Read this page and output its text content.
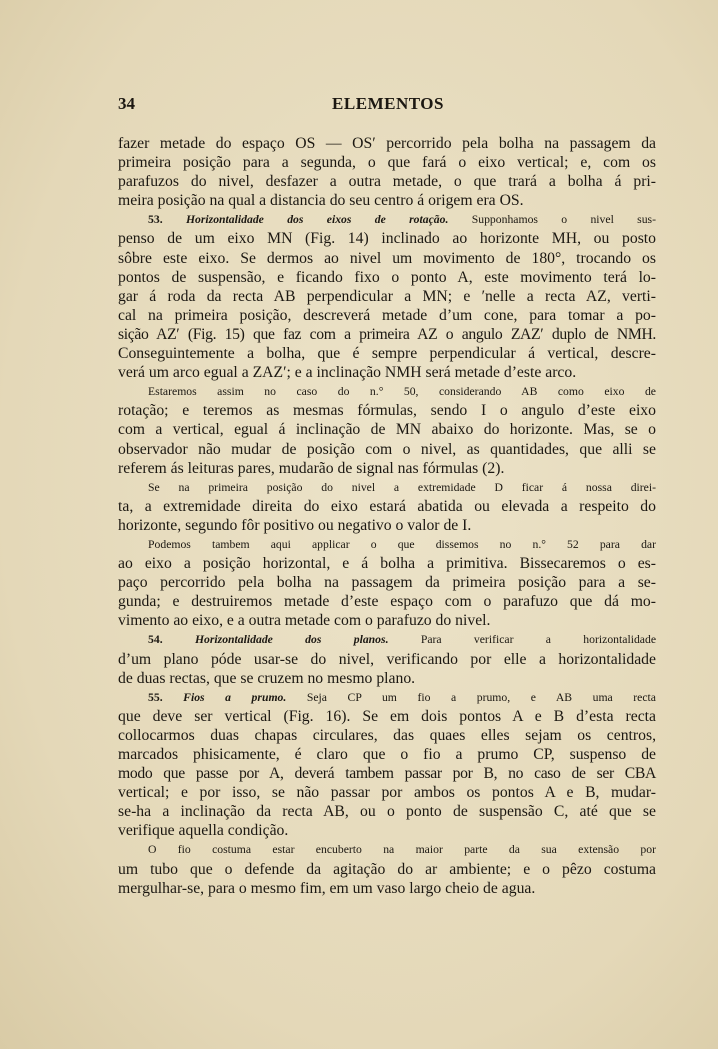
34	ELEMENTOS
fazer metade do espaço OS — OS′ percorrido pela bolha na passagem da
primeira posição para a segunda, o que fará o eixo vertical; e, com os
parafuzos do nivel, desfazer a outra metade, o que trará a bolha á pri-
meira posição na qual a distancia do seu centro á origem era OS.
53. Horizontalidade dos eixos de rotação. Supponhamos o nivel sus-
penso de um eixo MN (Fig. 14) inclinado ao horizonte MH, ou posto
sôbre este eixo. Se dermos ao nivel um movimento de 180°, trocando os
pontos de suspensão, e ficando fixo o ponto A, este movimento terá lo-
gar á roda da recta AB perpendicular a MN; e ′nelle a recta AZ, verti-
cal na primeira posição, descreverá metade d’um cone, para tomar a po-
sição AZ′ (Fig. 15) que faz com a primeira AZ o angulo ZAZ′ duplo de NMH.
Conseguintemente a bolha, que é sempre perpendicular á vertical, descre-
verá um arco egual a ZAZ′; e a inclinação NMH será metade d’este arco.
Estaremos assim no caso do n.° 50, considerando AB como eixo de
rotação; e teremos as mesmas fórmulas, sendo I o angulo d’este eixo
com a vertical, egual á inclinação de MN abaixo do horizonte. Mas, se o
observador não mudar de posição com o nivel, as quantidades, que alli se
referem ás leituras pares, mudarão de signal nas fórmulas (2).
Se na primeira posição do nivel a extremidade D ficar á nossa direi-
ta, a extremidade direita do eixo estará abatida ou elevada a respeito do
horizonte, segundo fôr positivo ou negativo o valor de I.
Podemos tambem aqui applicar o que dissemos no n.° 52 para dar
ao eixo a posição horizontal, e á bolha a primitiva. Bissecaremos o es-
paço percorrido pela bolha na passagem da primeira posição para a se-
gunda; e destruiremos metade d’este espaço com o parafuzo que dá mo-
vimento ao eixo, e a outra metade com o parafuzo do nivel.
54.	Horizontalidade dos planos. Para verificar a horizontalidade
d’um plano póde usar-se do nivel, verificando por elle a horizontalidade
de duas rectas, que se cruzem no mesmo plano.
55. Fios a prumo. Seja CP um fio a prumo, e AB uma recta
que deve ser vertical (Fig. 16). Se em dois pontos A e B d’esta recta
collocarmos duas chapas circulares, das quaes elles sejam os centros,
marcados phisicamente, é claro que o fio a prumo CP, suspenso de
modo que passe por A, deverá tambem passar por B, no caso de ser CBA
vertical; e por isso, se não passar por ambos os pontos A e B, mudar-
se-ha a inclinação da recta AB, ou o ponto de suspensão C, até que se
verifique aquella condição.
O fio costuma estar encuberto na maior parte da sua extensão por
um tubo que o defende da agitação do ar ambiente; e o pêzo costuma
mergulhar-se, para o mesmo fim, em um vaso largo cheio de agua.
